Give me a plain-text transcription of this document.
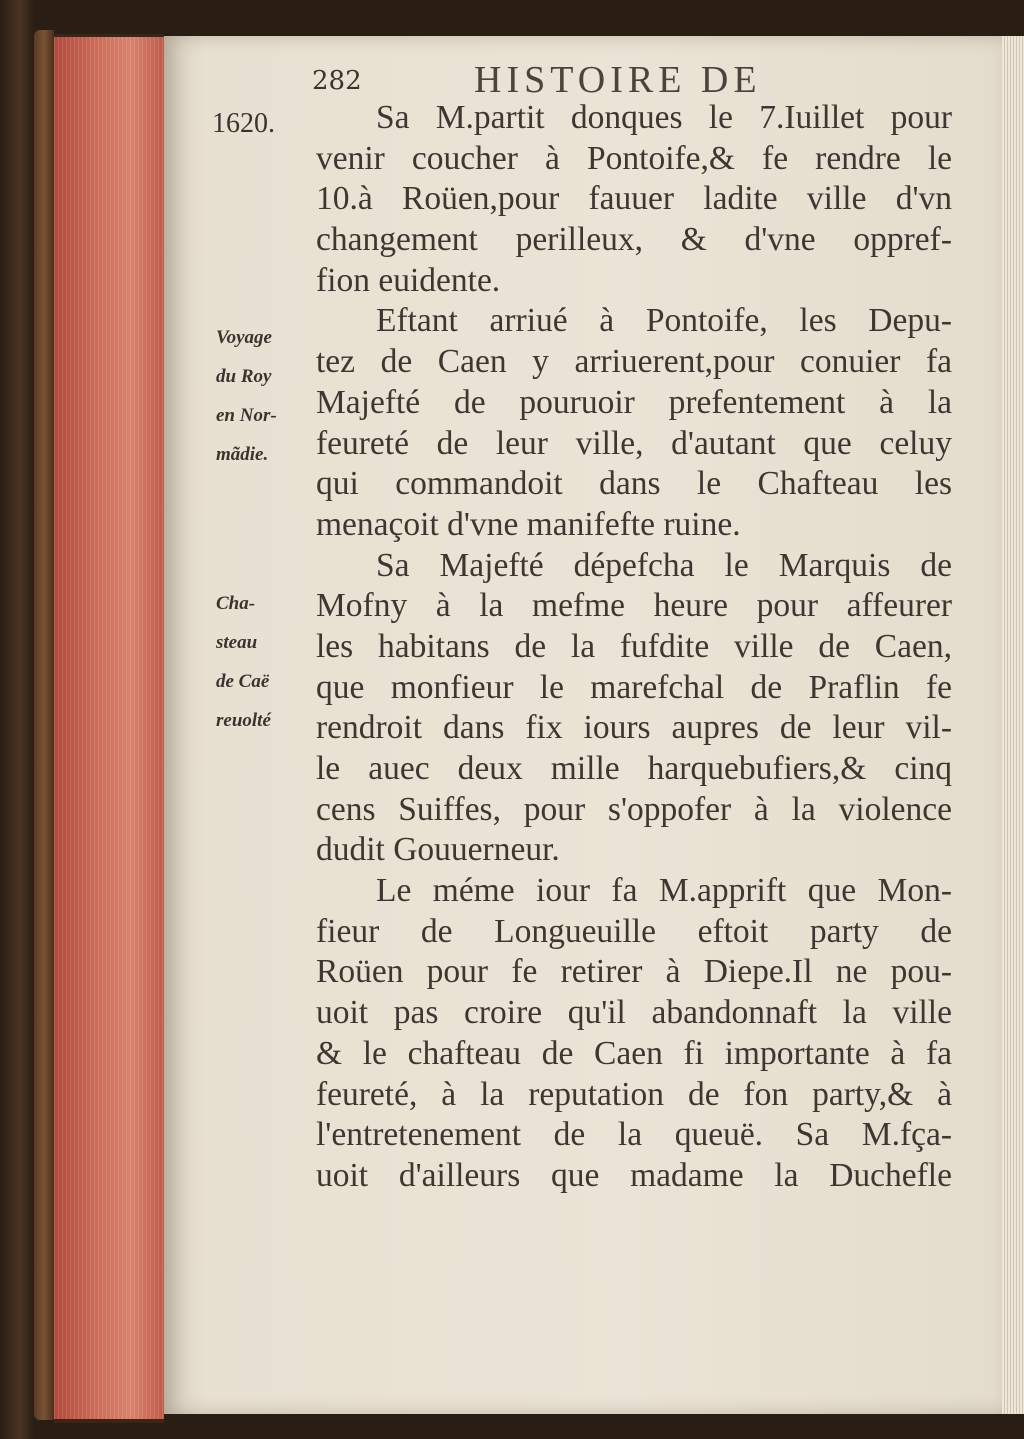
282	HISTOIRE DE
1620.
Voyage
du Roy
en Nor-
mãdie.
Cha-
steau
de Caë
reuolté
Sa M.partit donques le 7.Iuillet pour
venir coucher à Pontoife,& fe rendre le
10.à Roüen,pour fauuer ladite ville d'vn
changement perilleux, & d'vne oppref-
fion euidente.
Eftant arriué à Pontoife, les Depu-
tez de Caen y arriuerent,pour conuier fa
Majefté de pouruoir prefentement à la
feureté de leur ville, d'autant que celuy
qui commandoit dans le Chafteau les
menaçoit d'vne manifefte ruine.
Sa Majefté dépefcha le Marquis de
Mofny à la mefme heure pour affeurer
les habitans de la fufdite ville de Caen,
que monfieur le marefchal de Praflin fe
rendroit dans fix iours aupres de leur vil-
le auec deux mille harquebufiers,& cinq
cens Suiffes, pour s'oppofer à la violence
dudit Gouuerneur.
Le méme iour fa M.apprift que Mon-
fieur de Longueuille eftoit party de
Roüen pour fe retirer à Diepe.Il ne pou-
uoit pas croire qu'il abandonnaft la ville
& le chafteau de Caen fi importante à fa
feureté, à la reputation de fon party,& à
l'entretenement de la queuë. Sa M.fça-
uoit d'ailleurs que madame la Duchefle
